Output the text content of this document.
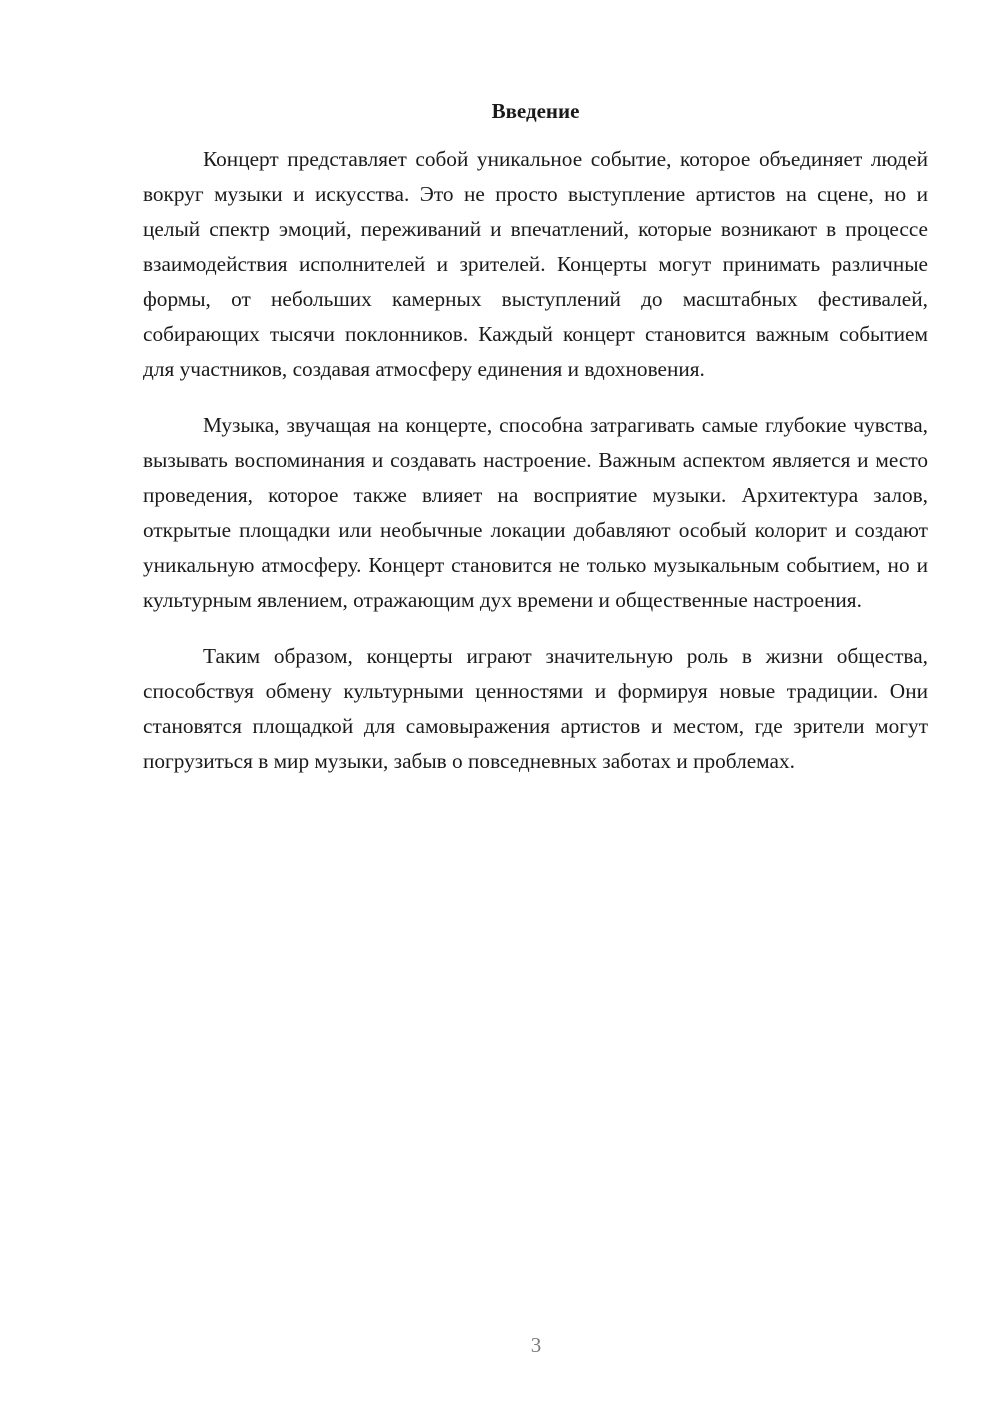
Введение

Концерт представляет собой уникальное событие, которое объединяет людей вокруг музыки и искусства. Это не просто выступление артистов на сцене, но и целый спектр эмоций, переживаний и впечатлений, которые возникают в процессе взаимодействия исполнителей и зрителей. Концерты могут принимать различные формы, от небольших камерных выступлений до масштабных фестивалей, собирающих тысячи поклонников. Каждый концерт становится важным событием для участников, создавая атмосферу единения и вдохновения.

Музыка, звучащая на концерте, способна затрагивать самые глубокие чувства, вызывать воспоминания и создавать настроение. Важным аспектом является и место проведения, которое также влияет на восприятие музыки. Архитектура залов, открытые площадки или необычные локации добавляют особый колорит и создают уникальную атмосферу. Концерт становится не только музыкальным событием, но и культурным явлением, отражающим дух времени и общественные настроения.

Таким образом, концерты играют значительную роль в жизни общества, способствуя обмену культурными ценностями и формируя новые традиции. Они становятся площадкой для самовыражения артистов и местом, где зрители могут погрузиться в мир музыки, забыв о повседневных заботах и проблемах.

3
